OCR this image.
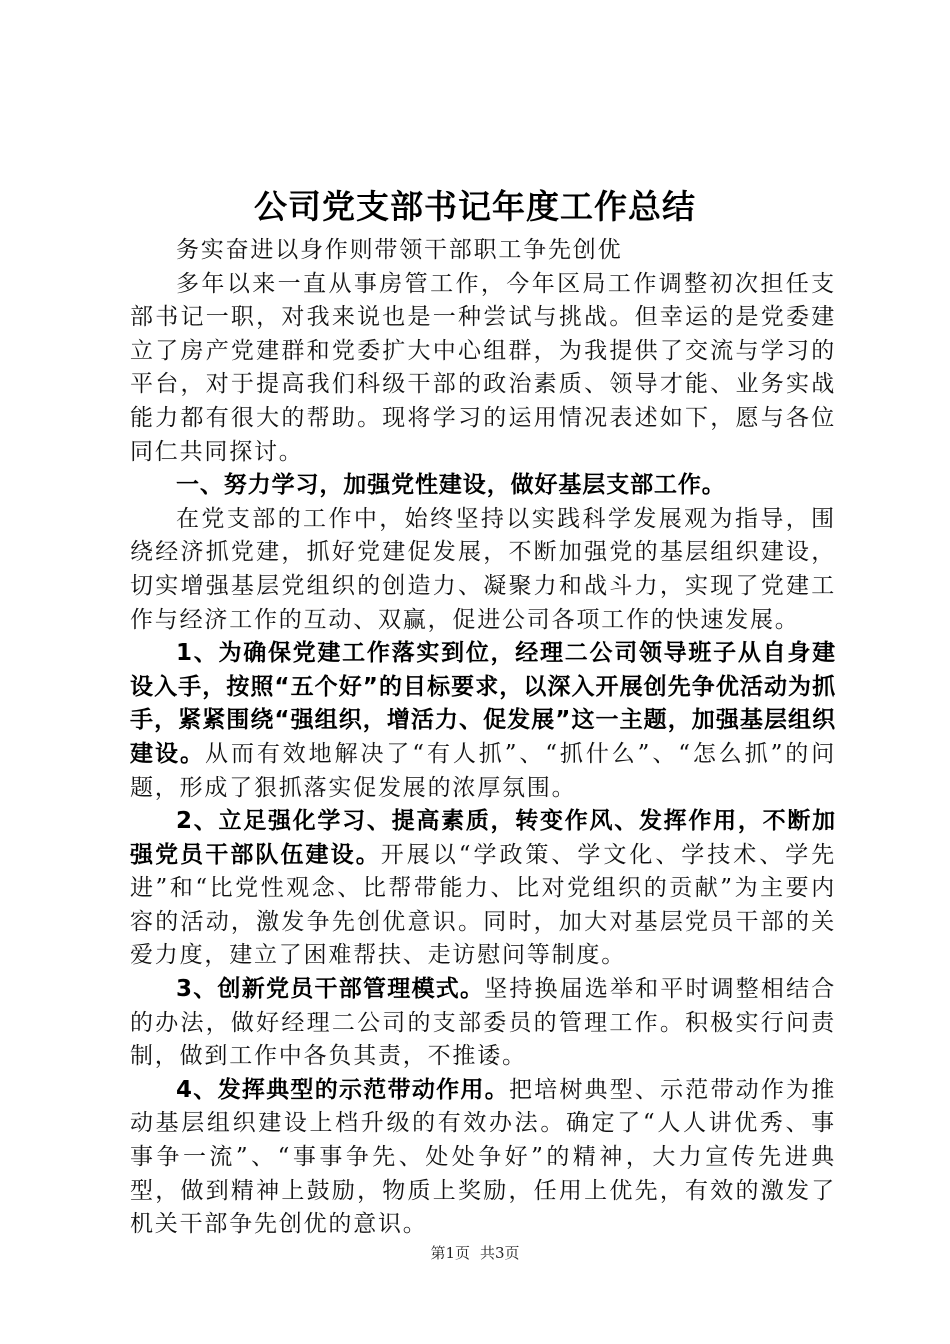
公司党支部书记年度工作总结

务实奋进以身作则带领干部职工争先创优

多年以来一直从事房管工作，今年区局工作调整初次担任支部书记一职，对我来说也是一种尝试与挑战。但幸运的是党委建立了房产党建群和党委扩大中心组群，为我提供了交流与学习的平台，对于提高我们科级干部的政治素质、领导才能、业务实战能力都有很大的帮助。现将学习的运用情况表述如下，愿与各位同仁共同探讨。

一、努力学习，加强党性建设，做好基层支部工作。

在党支部的工作中，始终坚持以实践科学发展观为指导，围绕经济抓党建，抓好党建促发展，不断加强党的基层组织建设，切实增强基层党组织的创造力、凝聚力和战斗力，实现了党建工作与经济工作的互动、双赢，促进公司各项工作的快速发展。

1、为确保党建工作落实到位，经理二公司领导班子从自身建设入手，按照“五个好”的目标要求，以深入开展创先争优活动为抓手，紧紧围绕“强组织，增活力、促发展”这一主题，加强基层组织建设。从而有效地解决了“有人抓”、“抓什么”、“怎么抓”的问题，形成了狠抓落实促发展的浓厚氛围。

2、立足强化学习、提高素质，转变作风、发挥作用，不断加强党员干部队伍建设。开展以“学政策、学文化、学技术、学先进”和“比党性观念、比帮带能力、比对党组织的贡献”为主要内容的活动，激发争先创优意识。同时，加大对基层党员干部的关爱力度，建立了困难帮扶、走访慰问等制度。

3、创新党员干部管理模式。坚持换届选举和平时调整相结合的办法，做好经理二公司的支部委员的管理工作。积极实行问责制，做到工作中各负其责，不推诿。

4、发挥典型的示范带动作用。把培树典型、示范带动作为推动基层组织建设上档升级的有效办法。确定了“人人讲优秀、事事争一流”、“事事争先、处处争好”的精神，大力宣传先进典型，做到精神上鼓励，物质上奖励，任用上优先，有效的激发了机关干部争先创优的意识。

第1页 共3页
